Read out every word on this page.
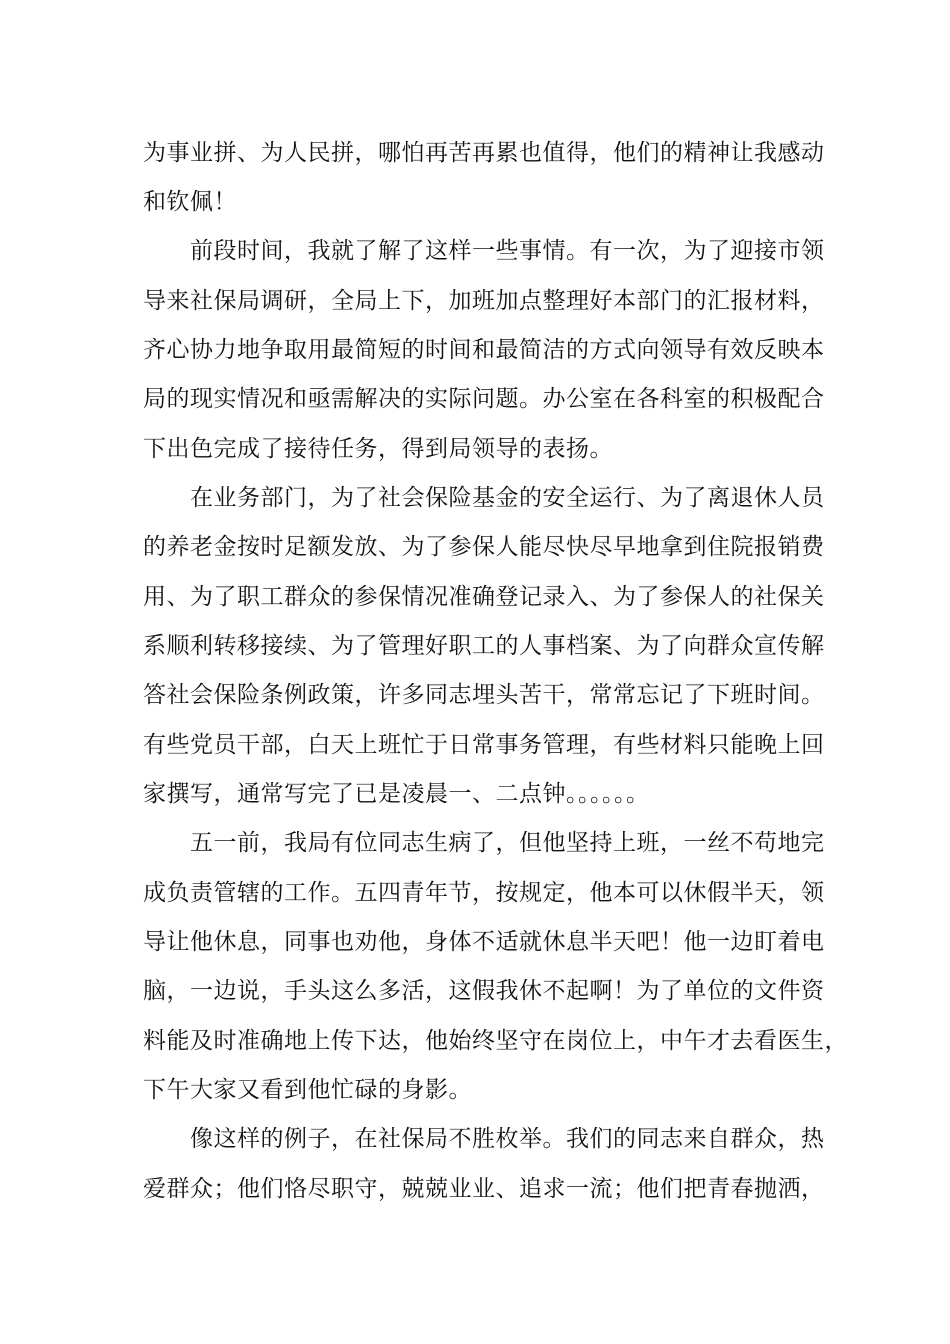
为事业拼、为人民拼，哪怕再苦再累也值得，他们的精神让我感动

和钦佩！

前段时间，我就了解了这样一些事情。有一次，为了迎接市领

导来社保局调研，全局上下，加班加点整理好本部门的汇报材料，

齐心协力地争取用最简短的时间和最简洁的方式向领导有效反映本

局的现实情况和亟需解决的实际问题。办公室在各科室的积极配合

下出色完成了接待任务，得到局领导的表扬。

在业务部门，为了社会保险基金的安全运行、为了离退休人员

的养老金按时足额发放、为了参保人能尽快尽早地拿到住院报销费

用、为了职工群众的参保情况准确登记录入、为了参保人的社保关

系顺利转移接续、为了管理好职工的人事档案、为了向群众宣传解

答社会保险条例政策，许多同志埋头苦干，常常忘记了下班时间。

有些党员干部，白天上班忙于日常事务管理，有些材料只能晚上回

家撰写，通常写完了已是凌晨一、二点钟。。。。。。

五一前，我局有位同志生病了，但他坚持上班，一丝不苟地完

成负责管辖的工作。五四青年节，按规定，他本可以休假半天，领

导让他休息，同事也劝他，身体不适就休息半天吧！他一边盯着电

脑，一边说，手头这么多活，这假我休不起啊！为了单位的文件资

料能及时准确地上传下达，他始终坚守在岗位上，中午才去看医生，

下午大家又看到他忙碌的身影。

像这样的例子，在社保局不胜枚举。我们的同志来自群众，热

爱群众；他们恪尽职守，兢兢业业、追求一流；他们把青春抛洒，
